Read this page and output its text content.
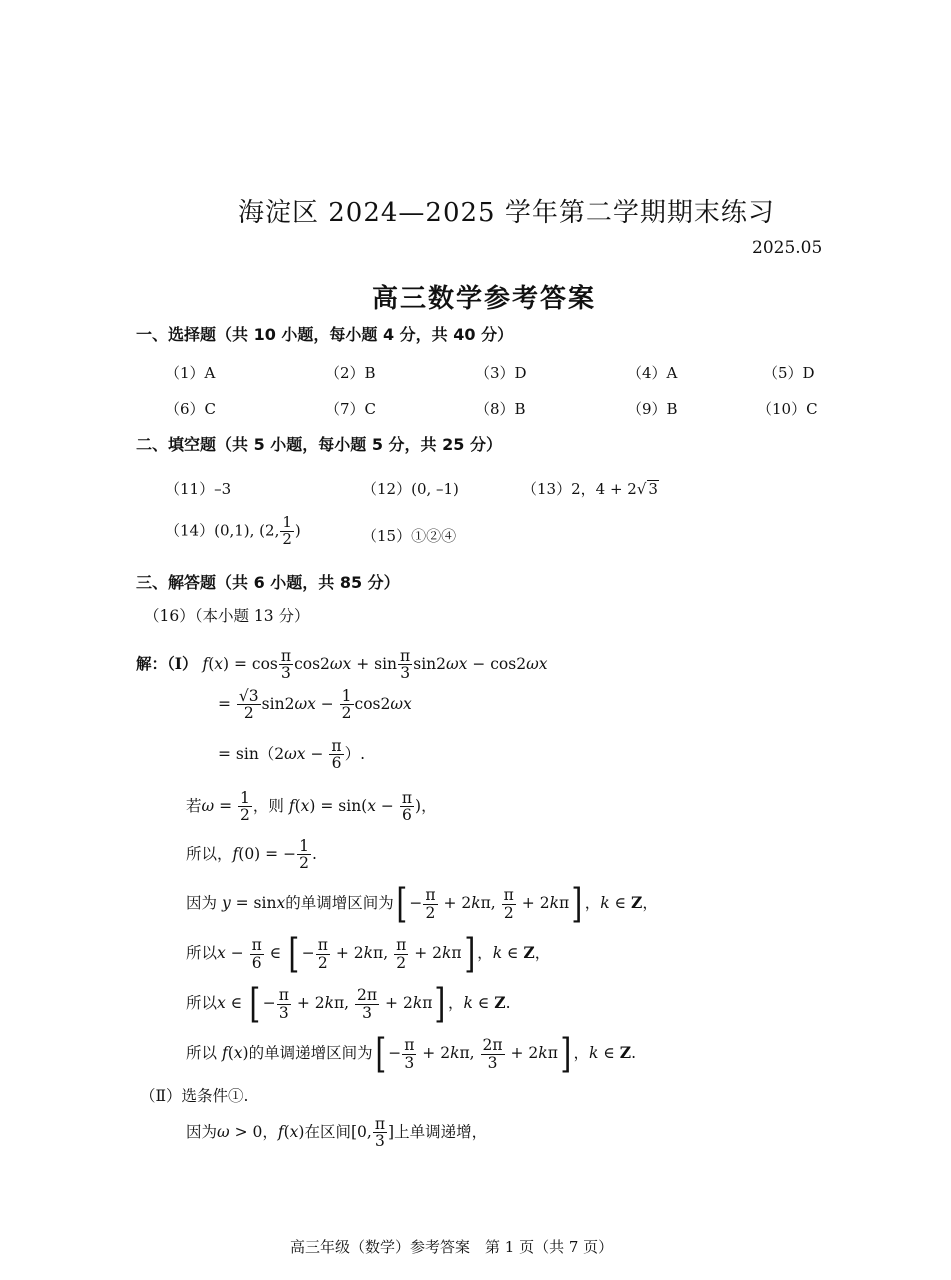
海淀区 2024—2025 学年第二学期期末练习
2025.05
高三数学参考答案
一、选择题（共 10 小题，每小题 4 分，共 40 分）
（1）A	（2）B	（3）D	（4）A	（5）D
（6）C	（7）C	（8）B	（9）B	（10）C
二、填空题（共 5 小题，每小题 5 分，共 25 分）
（11）–3	（12）(0, –1)	（13）2，4 + 2√ 3
（14）(0,1), (2, $\frac{1}{2}$ )	（15）①②④
三、解答题（共 6 小题，共 85 分）
（16）（本小题 13 分）
解：（Ⅰ） $f(x) = \cos \frac{\pi}{3} \cos 2\omega x + \sin \frac{\pi}{3} \sin 2\omega x - \cos 2\omega x$
= $\frac{√3}{2} \sin 2\omega x - \frac{1}{2} \cos 2\omega x$
= $\sin(2\omega x - \frac{\pi}{6}$ ）.
若$\omega = \frac{1}{2}$ ，则 $f(x) = \sin(x - \frac{\pi}{6}$ )，
所以，f(0) = − $\frac{1}{2}$ .
因为 y = sinx的单调增区间为[ − $\frac{\pi}{2} + 2k\pi$, $\frac{\pi}{2} + 2k\pi$] ，k ∈ Z，
所以$x - \frac{\pi}{6}$ ∈ [ − $\frac{\pi}{2} + 2k\pi$, $\frac{\pi}{2} + 2k\pi$] ，k ∈ Z，
所以x ∈ [ − $\frac{\pi}{3} + 2k\pi$, $\frac{2\pi}{3} + 2k\pi$] ，k ∈ Z.
所以 f(x)的单调递增区间为[ − $\frac{\pi}{3} + 2k\pi$, $\frac{2\pi}{3} + 2k\pi$] ，k ∈ Z.
（Ⅱ）选条件①.
因为ω > 0，f(x)在区间[0, $\frac{\pi}{3}$ ]上单调递增，
高三年级（数学）参考答案　第 1 页（共 7 页）
